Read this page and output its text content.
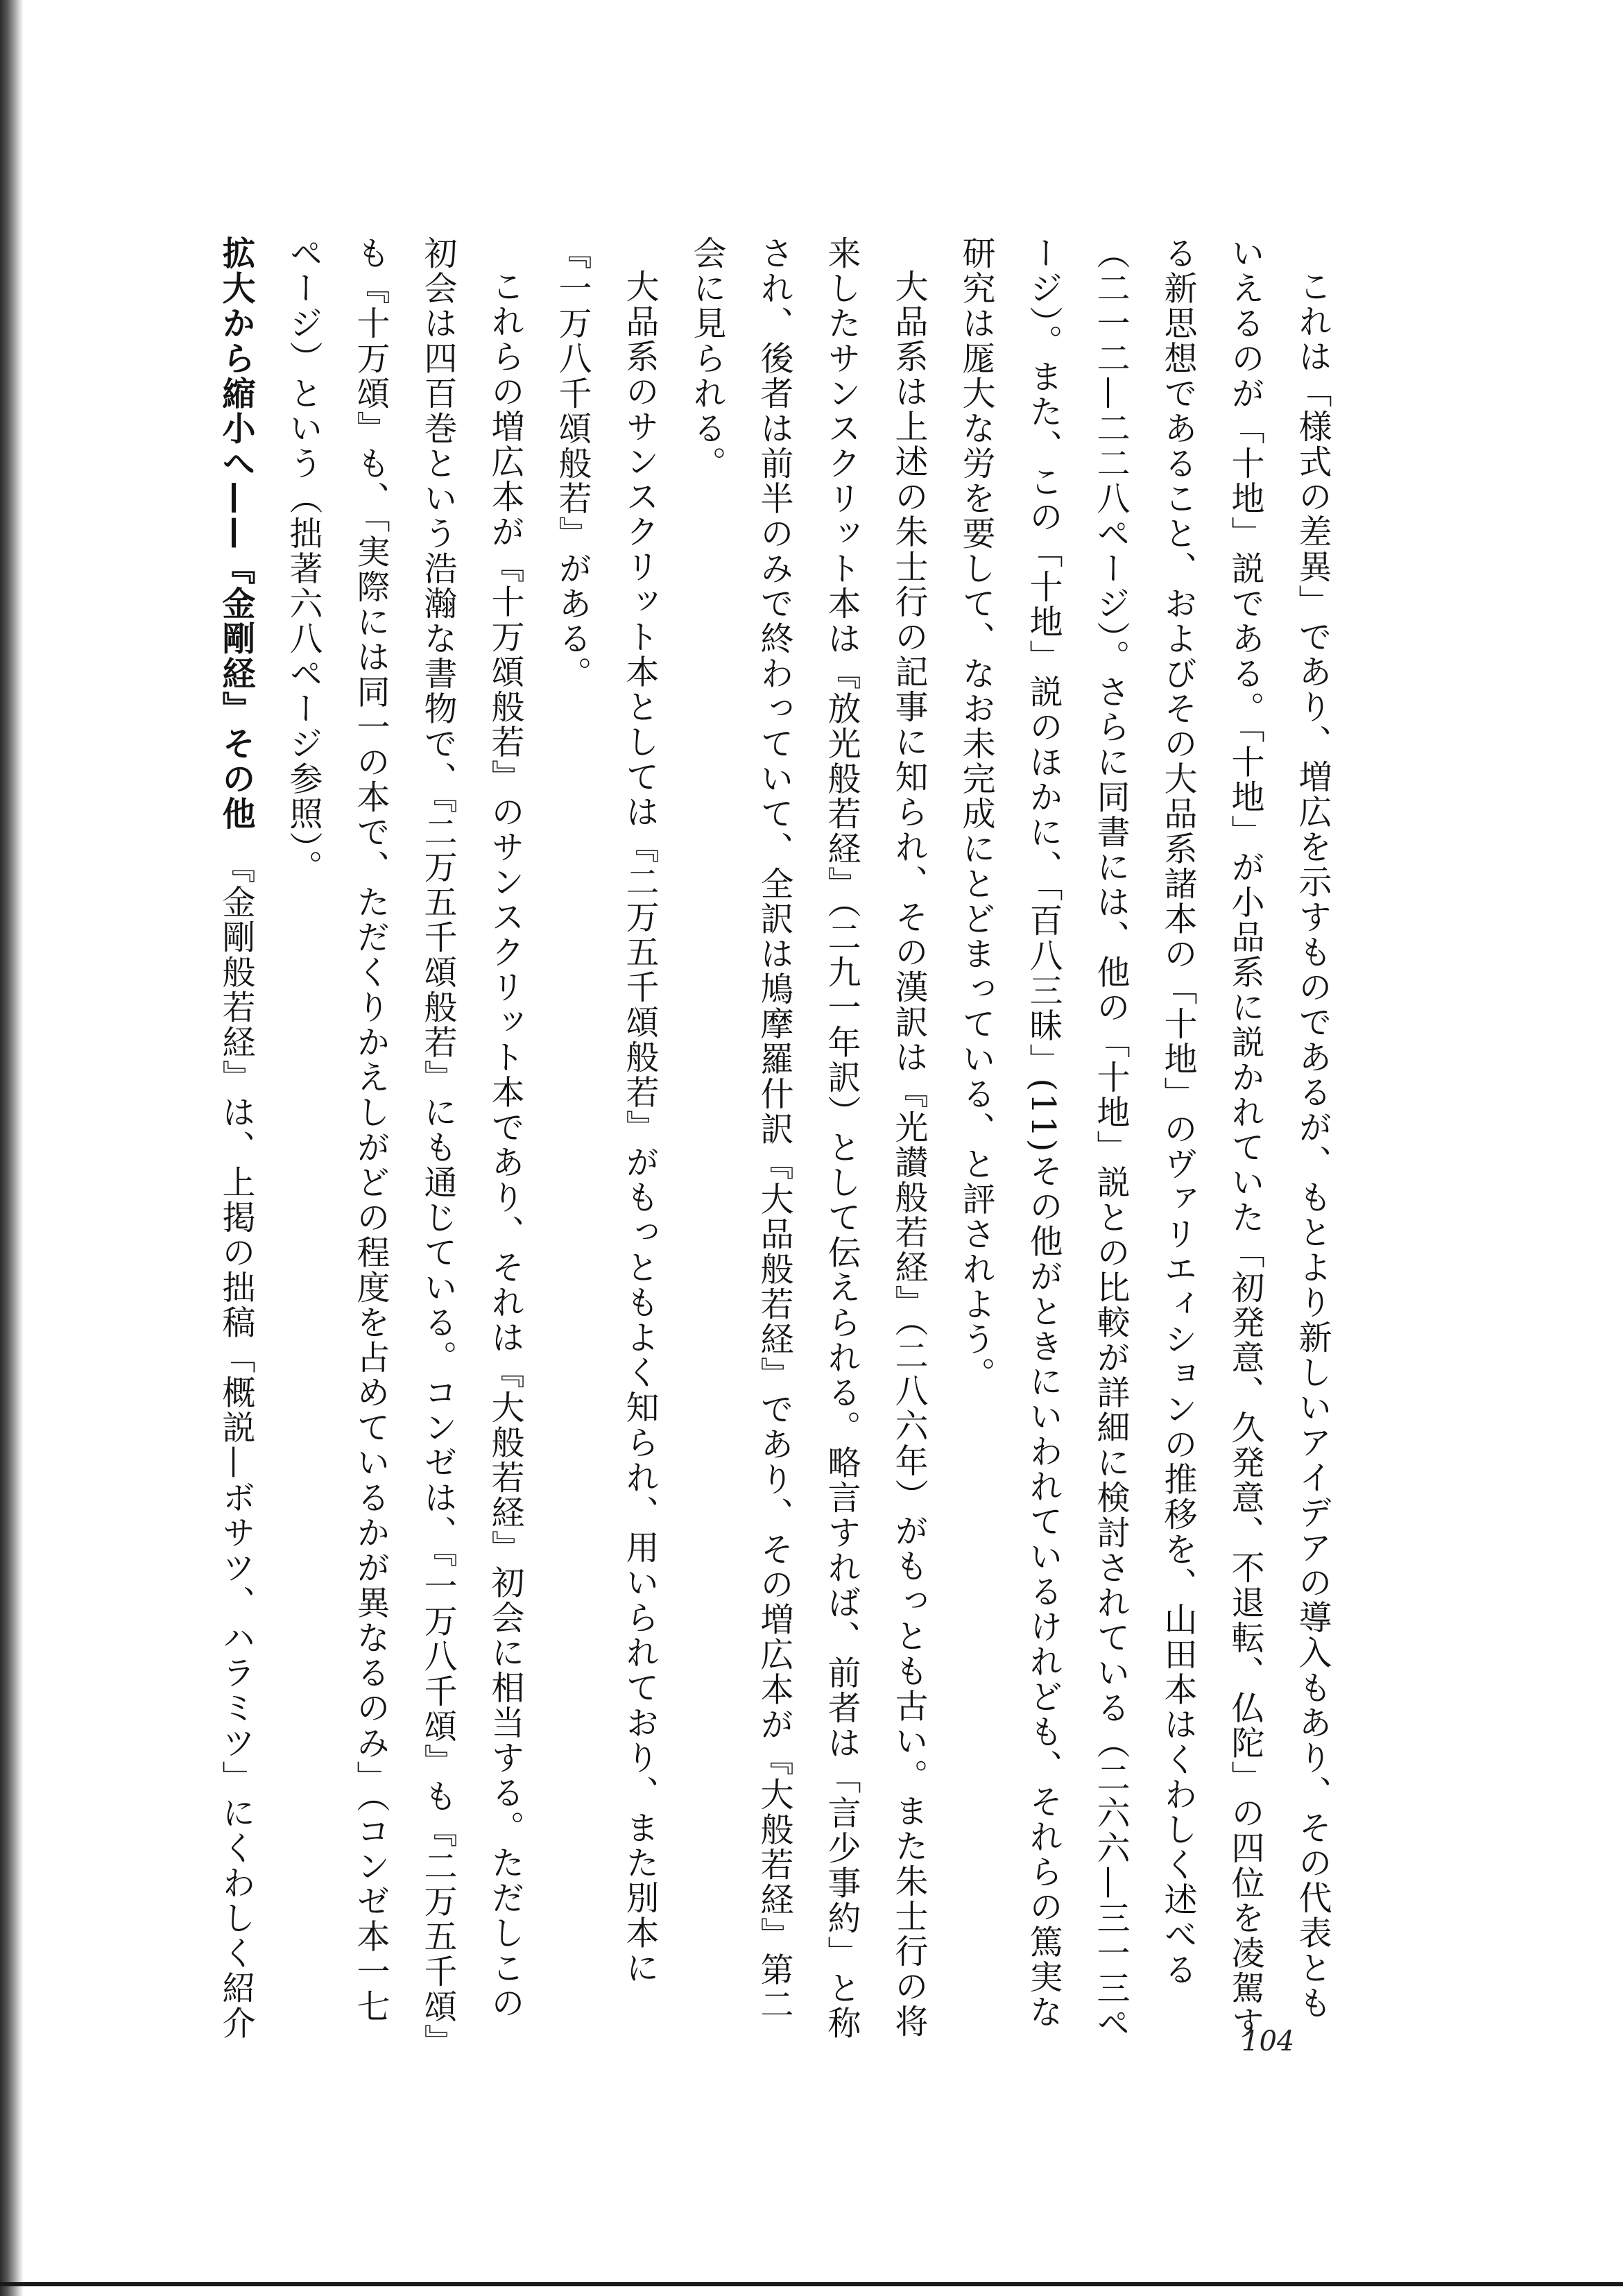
これは「様式の差異」であり、増広を示すものであるが、もとより新しいアイデアの導入もあり、その代表ともいえるのが「十地」説である。「十地」が小品系に説かれていた「初発意、久発意、不退転、仏陀」の四位を凌駕する新思想であること、およびその大品系諸本の「十地」のヴァリエィションの推移を、山田本はくわしく述べる（二一二—二二八ページ）。さらに同書には、他の「十地」説との比較が詳細に検討されている（二六六—三一三ページ）。また、この「十地」説のほかに、「百八三昧」(11)その他がときにいわれているけれども、それらの篤実な研究は厖大な労を要して、なお未完成にとどまっている、と評されよう。

大品系は上述の朱士行の記事に知られ、その漢訳は『光讃般若経』（二八六年）がもっとも古い。また朱士行の将来したサンスクリット本は『放光般若経』（二九一年訳）として伝えられる。略言すれば、前者は「言少事約」と称され、後者は前半のみで終わっていて、全訳は鳩摩羅什訳『大品般若経』であり、その増広本が『大般若経』第二会に見られる。

大品系のサンスクリット本としては『二万五千頌般若』がもっともよく知られ、用いられており、また別本に『一万八千頌般若』がある。

これらの増広本が『十万頌般若』のサンスクリット本であり、それは『大般若経』初会に相当する。ただしこの初会は四百巻という浩瀚な書物で、『二万五千頌般若』にも通じている。コンゼは、『一万八千頌』も『二万五千頌』も『十万頌』も、「実際には同一の本で、ただくりかえしがどの程度を占めているかが異なるのみ」（コンゼ本一七ページ）という（拙著六八ページ参照）。

拡大から縮小へ——『金剛経』その他　『金剛般若経』は、上掲の拙稿「概説—ボサツ、ハラミツ」にくわしく紹介

104
